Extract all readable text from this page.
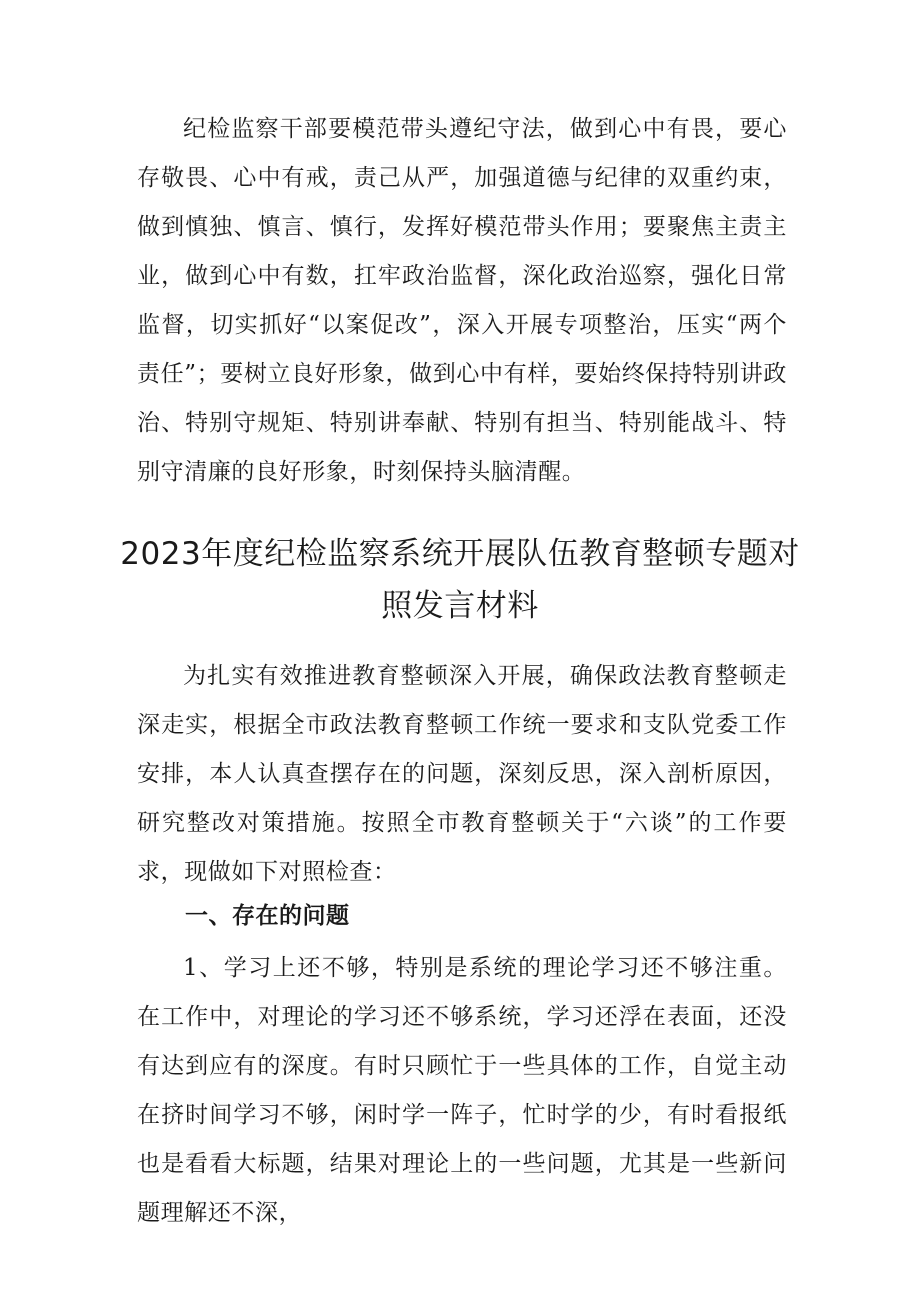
纪检监察干部要模范带头遵纪守法，做到心中有畏，要心存敬畏、心中有戒，责己从严，加强道德与纪律的双重约束，做到慎独、慎言、慎行，发挥好模范带头作用；要聚焦主责主业，做到心中有数，扛牢政治监督，深化政治巡察，强化日常监督，切实抓好“以案促改”，深入开展专项整治，压实“两个责任”；要树立良好形象，做到心中有样，要始终保持特别讲政治、特别守规矩、特别讲奉献、特别有担当、特别能战斗、特别守清廉的良好形象，时刻保持头脑清醒。

2023年度纪检监察系统开展队伍教育整顿专题对照发言材料

为扎实有效推进教育整顿深入开展，确保政法教育整顿走深走实，根据全市政法教育整顿工作统一要求和支队党委工作安排，本人认真查摆存在的问题，深刻反思，深入剖析原因，研究整改对策措施。按照全市教育整顿关于“六谈”的工作要求，现做如下对照检查：

一、存在的问题

1、学习上还不够，特别是系统的理论学习还不够注重。在工作中，对理论的学习还不够系统，学习还浮在表面，还没有达到应有的深度。有时只顾忙于一些具体的工作，自觉主动在挤时间学习不够，闲时学一阵子，忙时学的少，有时看报纸也是看看大标题，结果对理论上的一些问题，尤其是一些新问题理解还不深，
